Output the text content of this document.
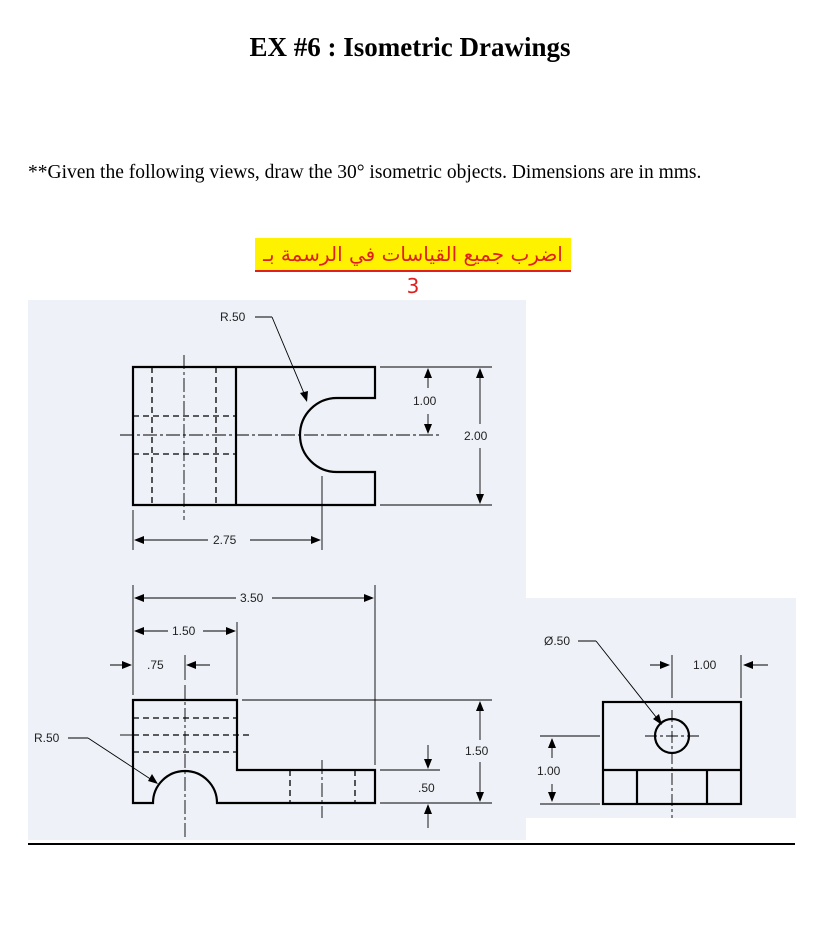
EX #6 : Isometric Drawings
**Given the following views, draw the 30° isometric objects. Dimensions are in mms.
اضرب جميع القياسات في الرسمة بـ 3
R.50
1.00
2.00
2.75
3.50
1.50
.75
R.50
1.50
.50
Ø.50
1.00
1.00
